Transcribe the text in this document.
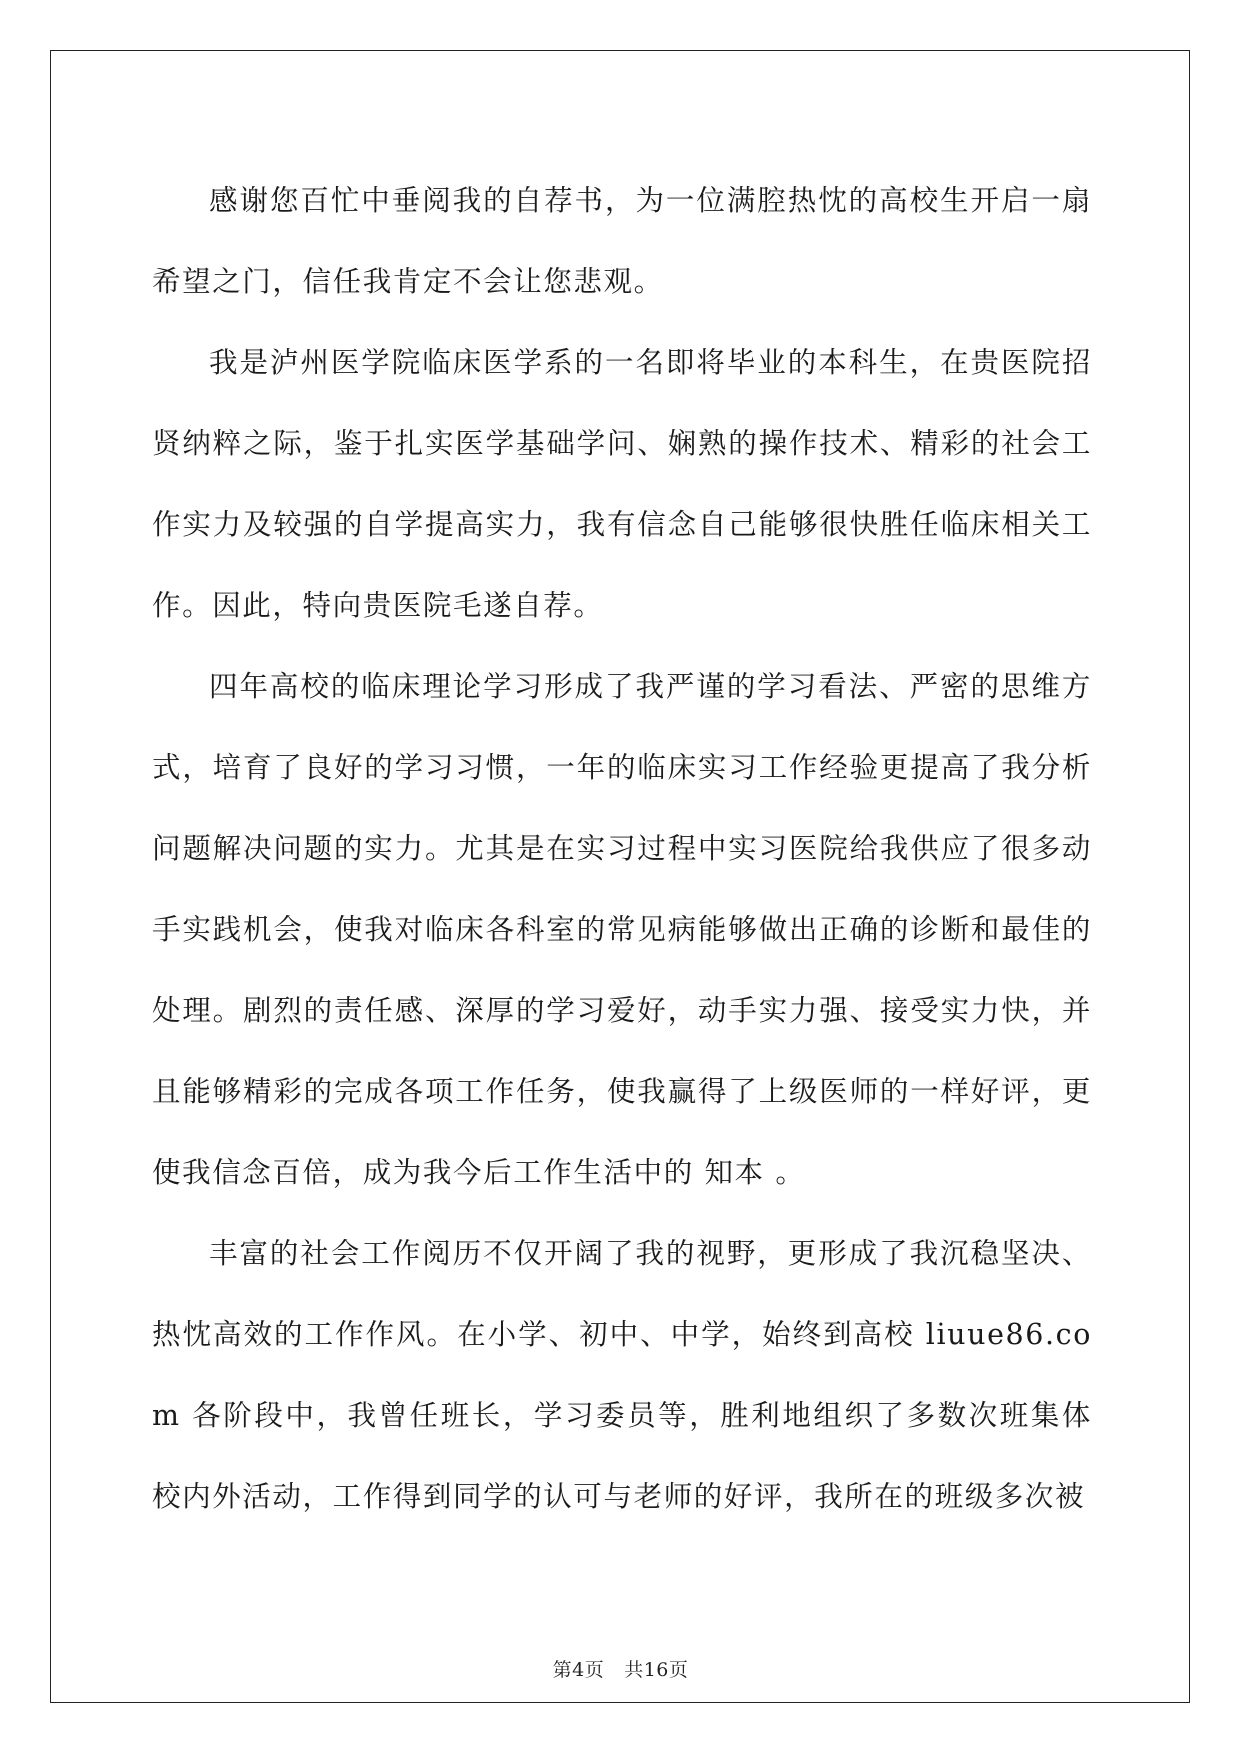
感谢您百忙中垂阅我的自荐书，为一位满腔热忱的高校生开启一扇希望之门，信任我肯定不会让您悲观。

我是泸州医学院临床医学系的一名即将毕业的本科生，在贵医院招贤纳粹之际，鉴于扎实医学基础学问、娴熟的操作技术、精彩的社会工作实力及较强的自学提高实力，我有信念自己能够很快胜任临床相关工作。因此，特向贵医院毛遂自荐。

四年高校的临床理论学习形成了我严谨的学习看法、严密的思维方式，培育了良好的学习习惯，一年的临床实习工作经验更提高了我分析问题解决问题的实力。尤其是在实习过程中实习医院给我供应了很多动手实践机会，使我对临床各科室的常见病能够做出正确的诊断和最佳的处理。剧烈的责任感、深厚的学习爱好，动手实力强、接受实力快，并且能够精彩的完成各项工作任务，使我赢得了上级医师的一样好评，更使我信念百倍，成为我今后工作生活中的 知本 。

丰富的社会工作阅历不仅开阔了我的视野，更形成了我沉稳坚决、热忱高效的工作作风。在小学、初中、中学，始终到高校 liuue86.com 各阶段中，我曾任班长，学习委员等，胜利地组织了多数次班集体校内外活动，工作得到同学的认可与老师的好评，我所在的班级多次被

第4页 共16页
